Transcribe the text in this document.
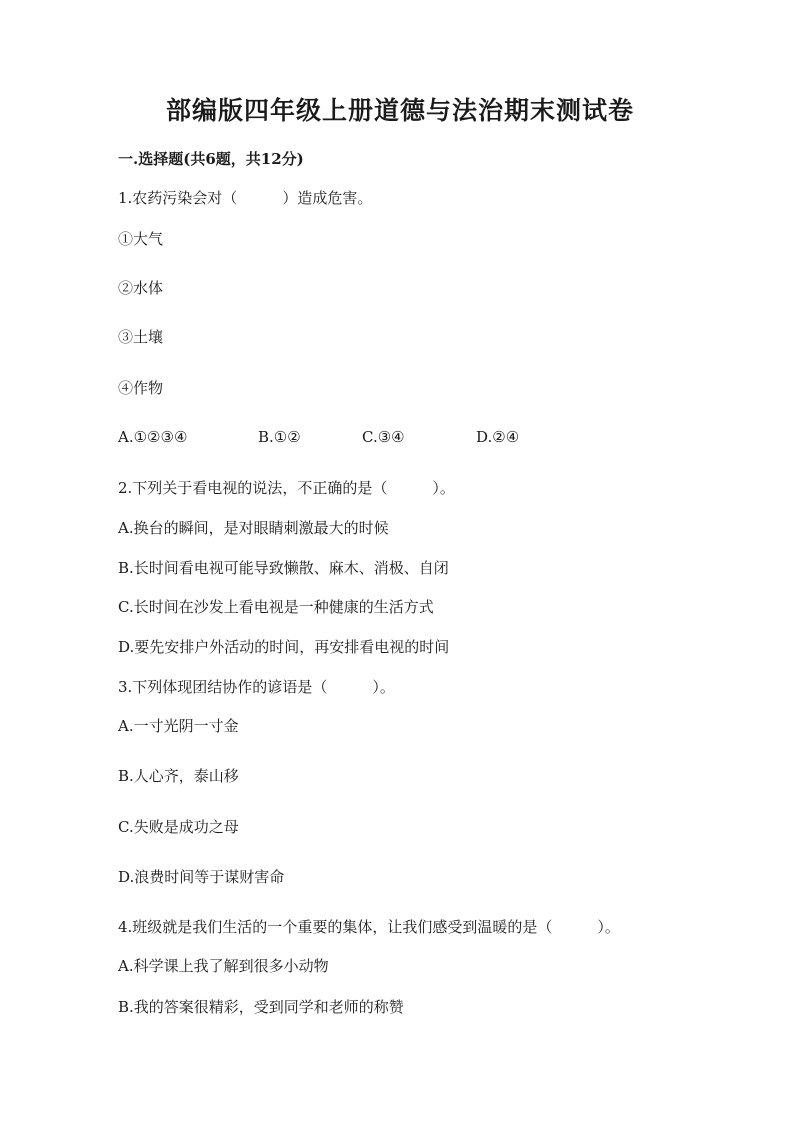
部编版四年级上册道德与法治期末测试卷
一.选择题(共6题，共12分)
1.农药污染会对（　　　）造成危害。
①大气
②水体
③土壤
④作物
A.①②③④	B.①②	C.③④	D.②④
2.下列关于看电视的说法，不正确的是（　　　）。
A.换台的瞬间，是对眼睛刺激最大的时候
B.长时间看电视可能导致懒散、麻木、消极、自闭
C.长时间在沙发上看电视是一种健康的生活方式
D.要先安排户外活动的时间，再安排看电视的时间
3.下列体现团结协作的谚语是（　　　）。
A.一寸光阴一寸金
B.人心齐，泰山移
C.失败是成功之母
D.浪费时间等于谋财害命
4.班级就是我们生活的一个重要的集体，让我们感受到温暖的是（　　　）。
A.科学课上我了解到很多小动物
B.我的答案很精彩，受到同学和老师的称赞
